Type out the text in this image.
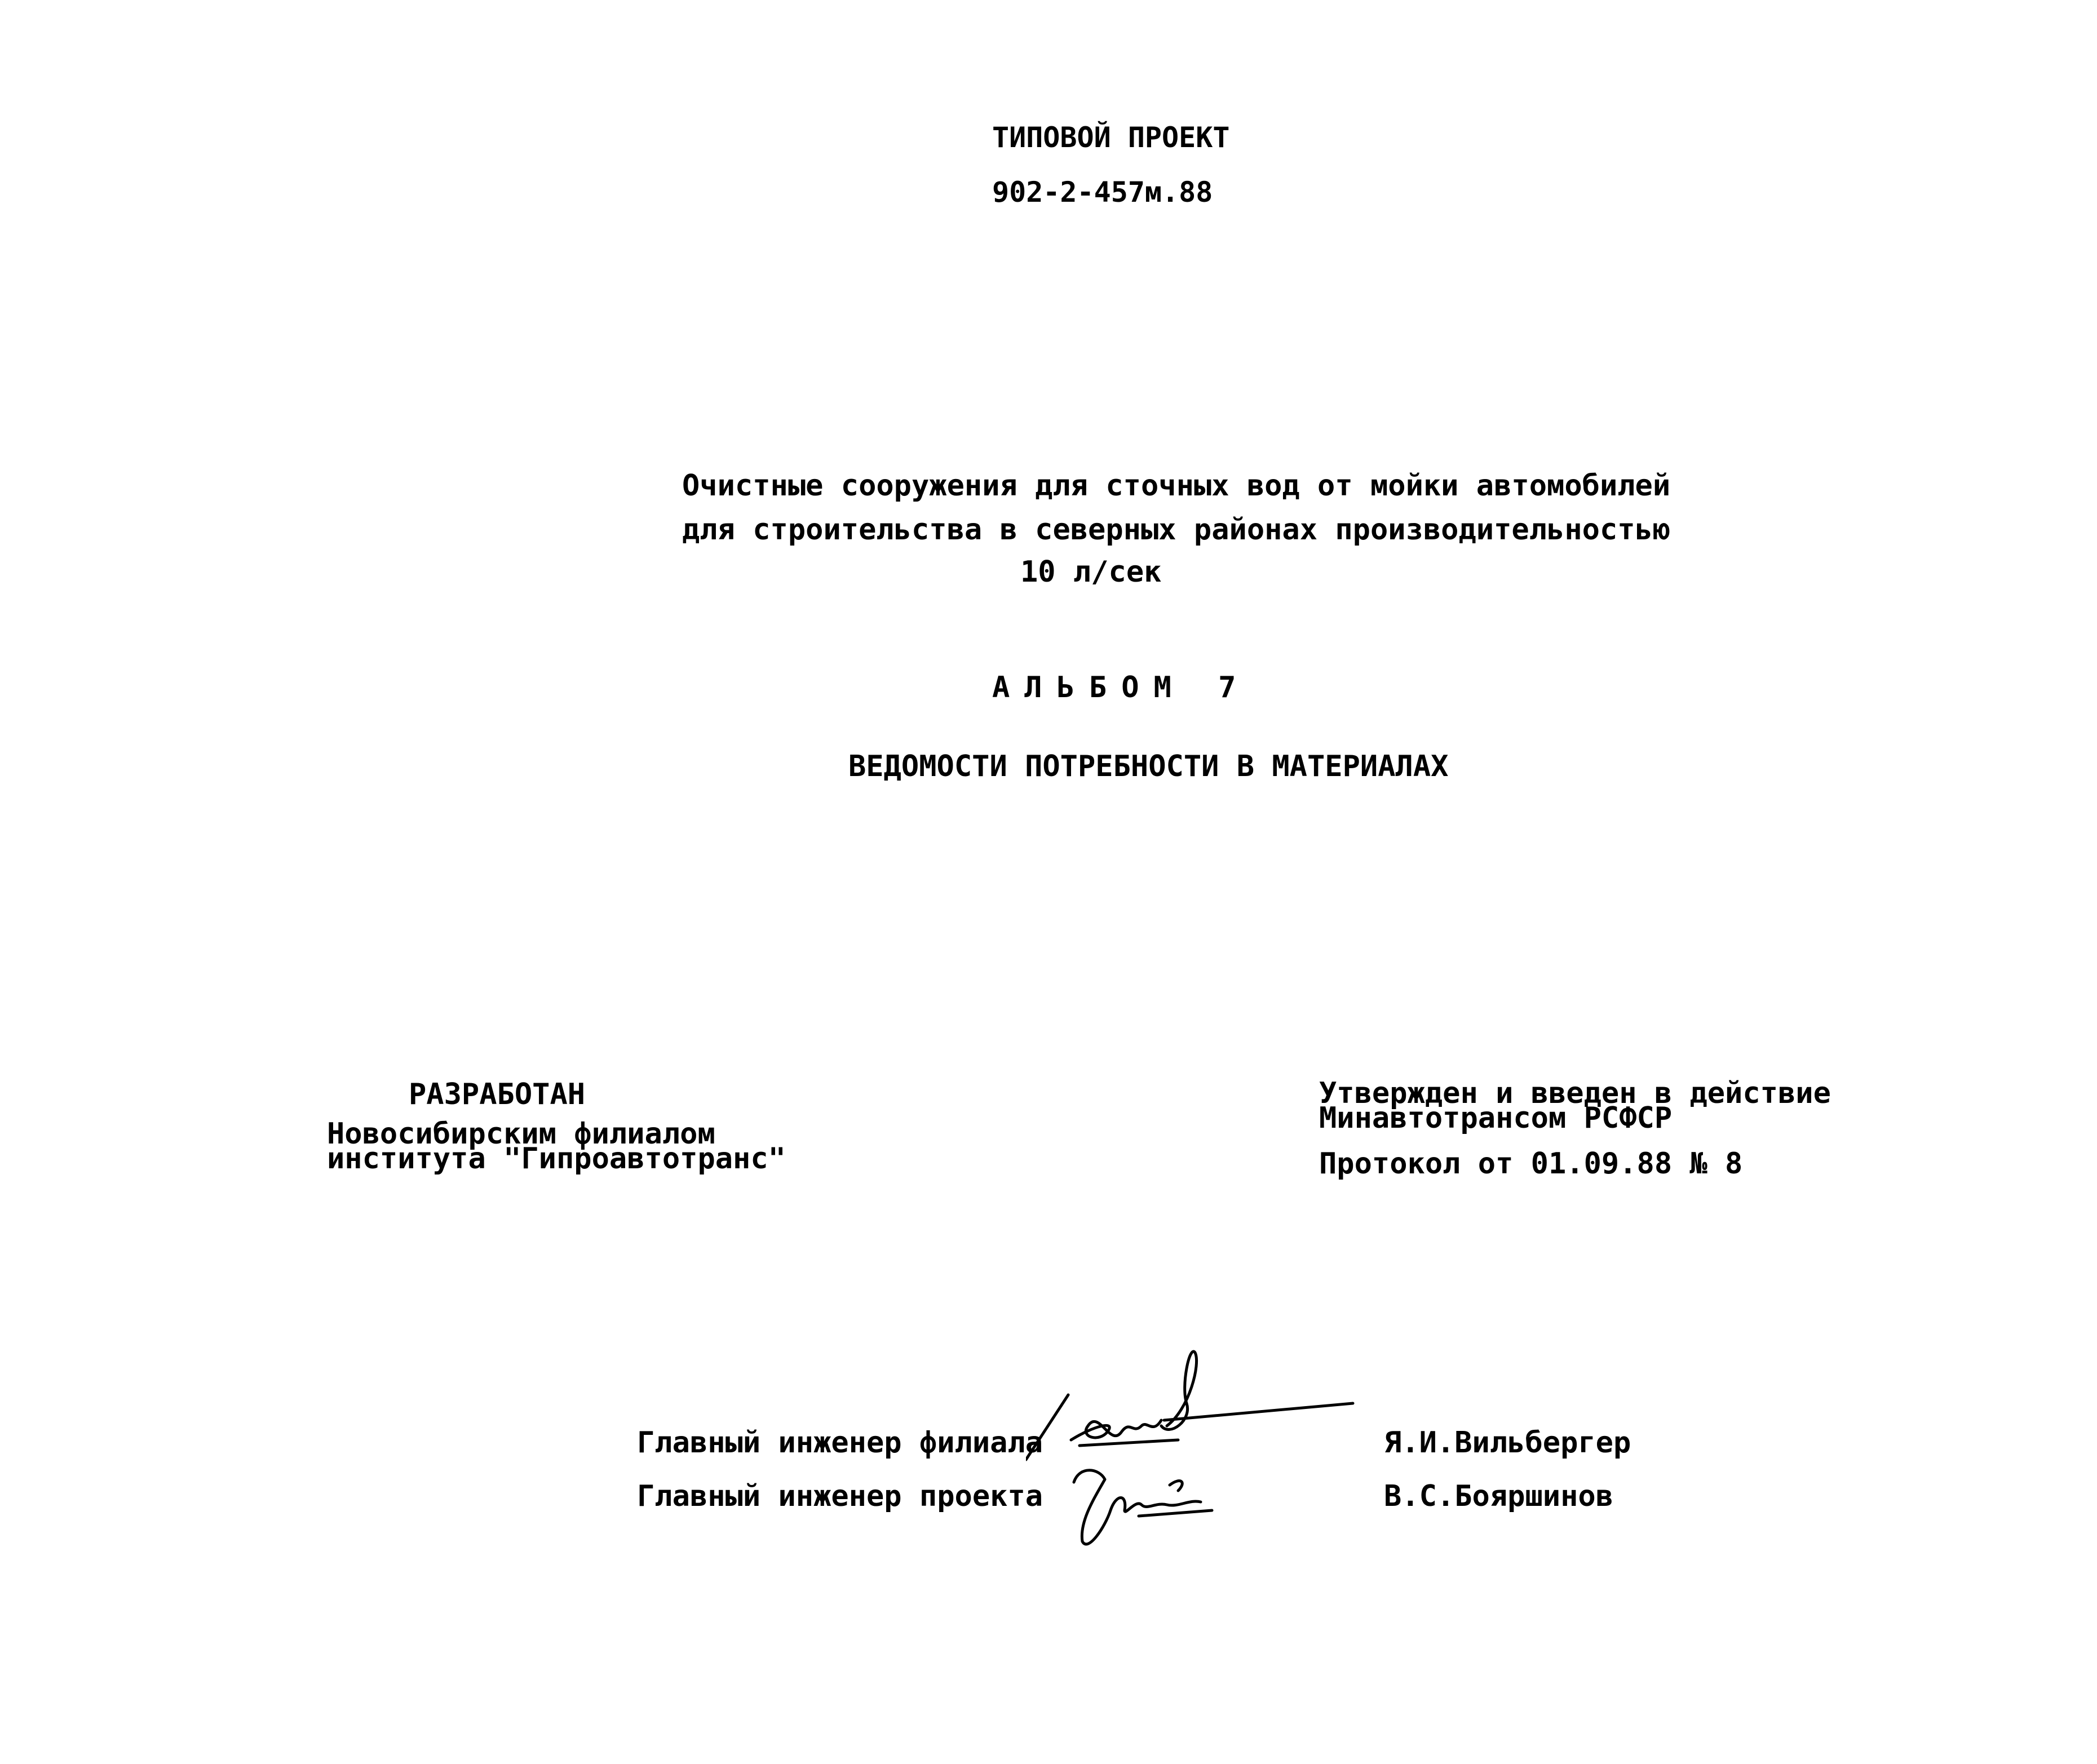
ТИПОВОЙ ПРОЕКТ

902-2-457м.88

Очистные сооружения для сточных вод от мойки автомобилей

для строительства в северных районах производительностью

10 л/сек

АЛЬБОМ 7

ВЕДОМОСТИ ПОТРЕБНОСТИ В МАТЕРИАЛАХ

РАЗРАБОТАН

Новосибирским филиалом

института "Гипроавтотранс"

Утвержден и введен в действие

Минавтотрансом РСФСР

Протокол от 01.09.88 № 8

Главный инженер филиала

Главный инженер проекта

Я.И.Вильбергер

В.С.Бояршинов
